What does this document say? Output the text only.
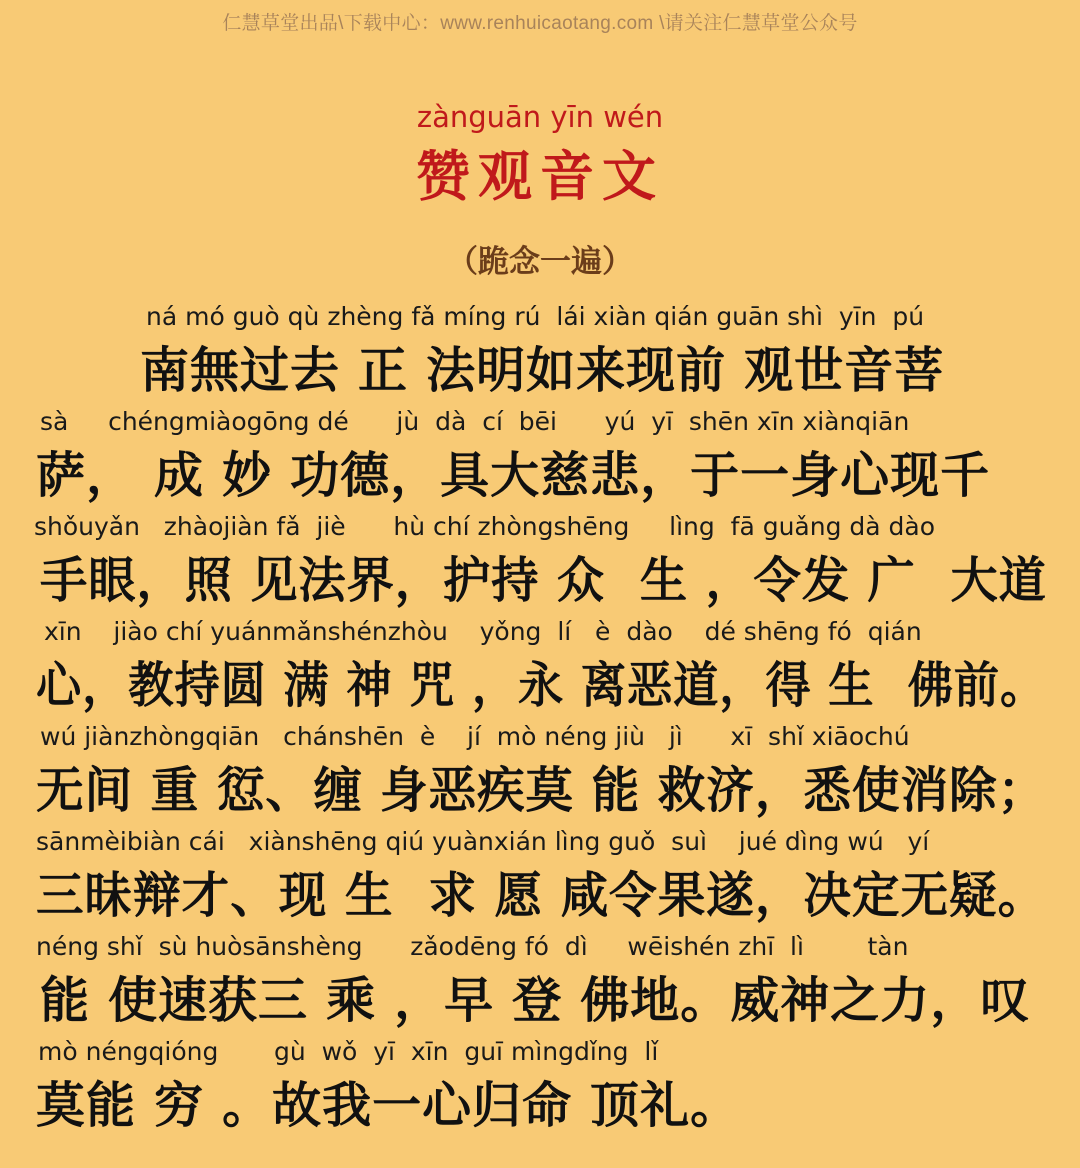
仁慧草堂出品\下载中心：www.renhuicaotang.com \请关注仁慧草堂公众号
zànguān yīn wén
赞观音文
（跪念一遍）
ná mó guò qù zhèng fǎ míng rú  lái xiàn qián guān shì  yīn  pú
南無过去 正 法明如来现前 观世音菩
sà     chéngmiàogōng dé      jù  dà  cí  bēi      yú  yī  shēn xīn xiànqiān
萨， 成 妙 功德，具大慈悲，于一身心现千
shǒuyǎn   zhàojiàn fǎ  jiè      hù chí zhòngshēng     lìng  fā guǎng dà dào
手眼，照 见法界，护持 众  生 ，令发 广  大道
xīn    jiào chí yuánmǎnshénzhòu    yǒng  lí   è  dào    dé shēng fó  qián
心，教持圆 满 神 咒 ，永 离恶道，得 生  佛前。
wú jiànzhòngqiān   chánshēn  è    jí  mò néng jiù   jì      xī  shǐ xiāochú
无间 重 愆、缠 身恶疾莫 能 救济，悉使消除；
sānmèibiàn cái   xiànshēng qiú yuànxián lìng guǒ  suì    jué dìng wú   yí
三昧辩才、现 生  求 愿 咸令果遂，决定无疑。
néng shǐ  sù huòsānshèng      zǎodēng fó  dì     wēishén zhī  lì        tàn
能 使速获三 乘 ，早 登 佛地。威神之力，叹
mò néngqióng       gù  wǒ  yī  xīn  guī mìngdǐng  lǐ
莫能 穷 。故我一心归命 顶礼。
